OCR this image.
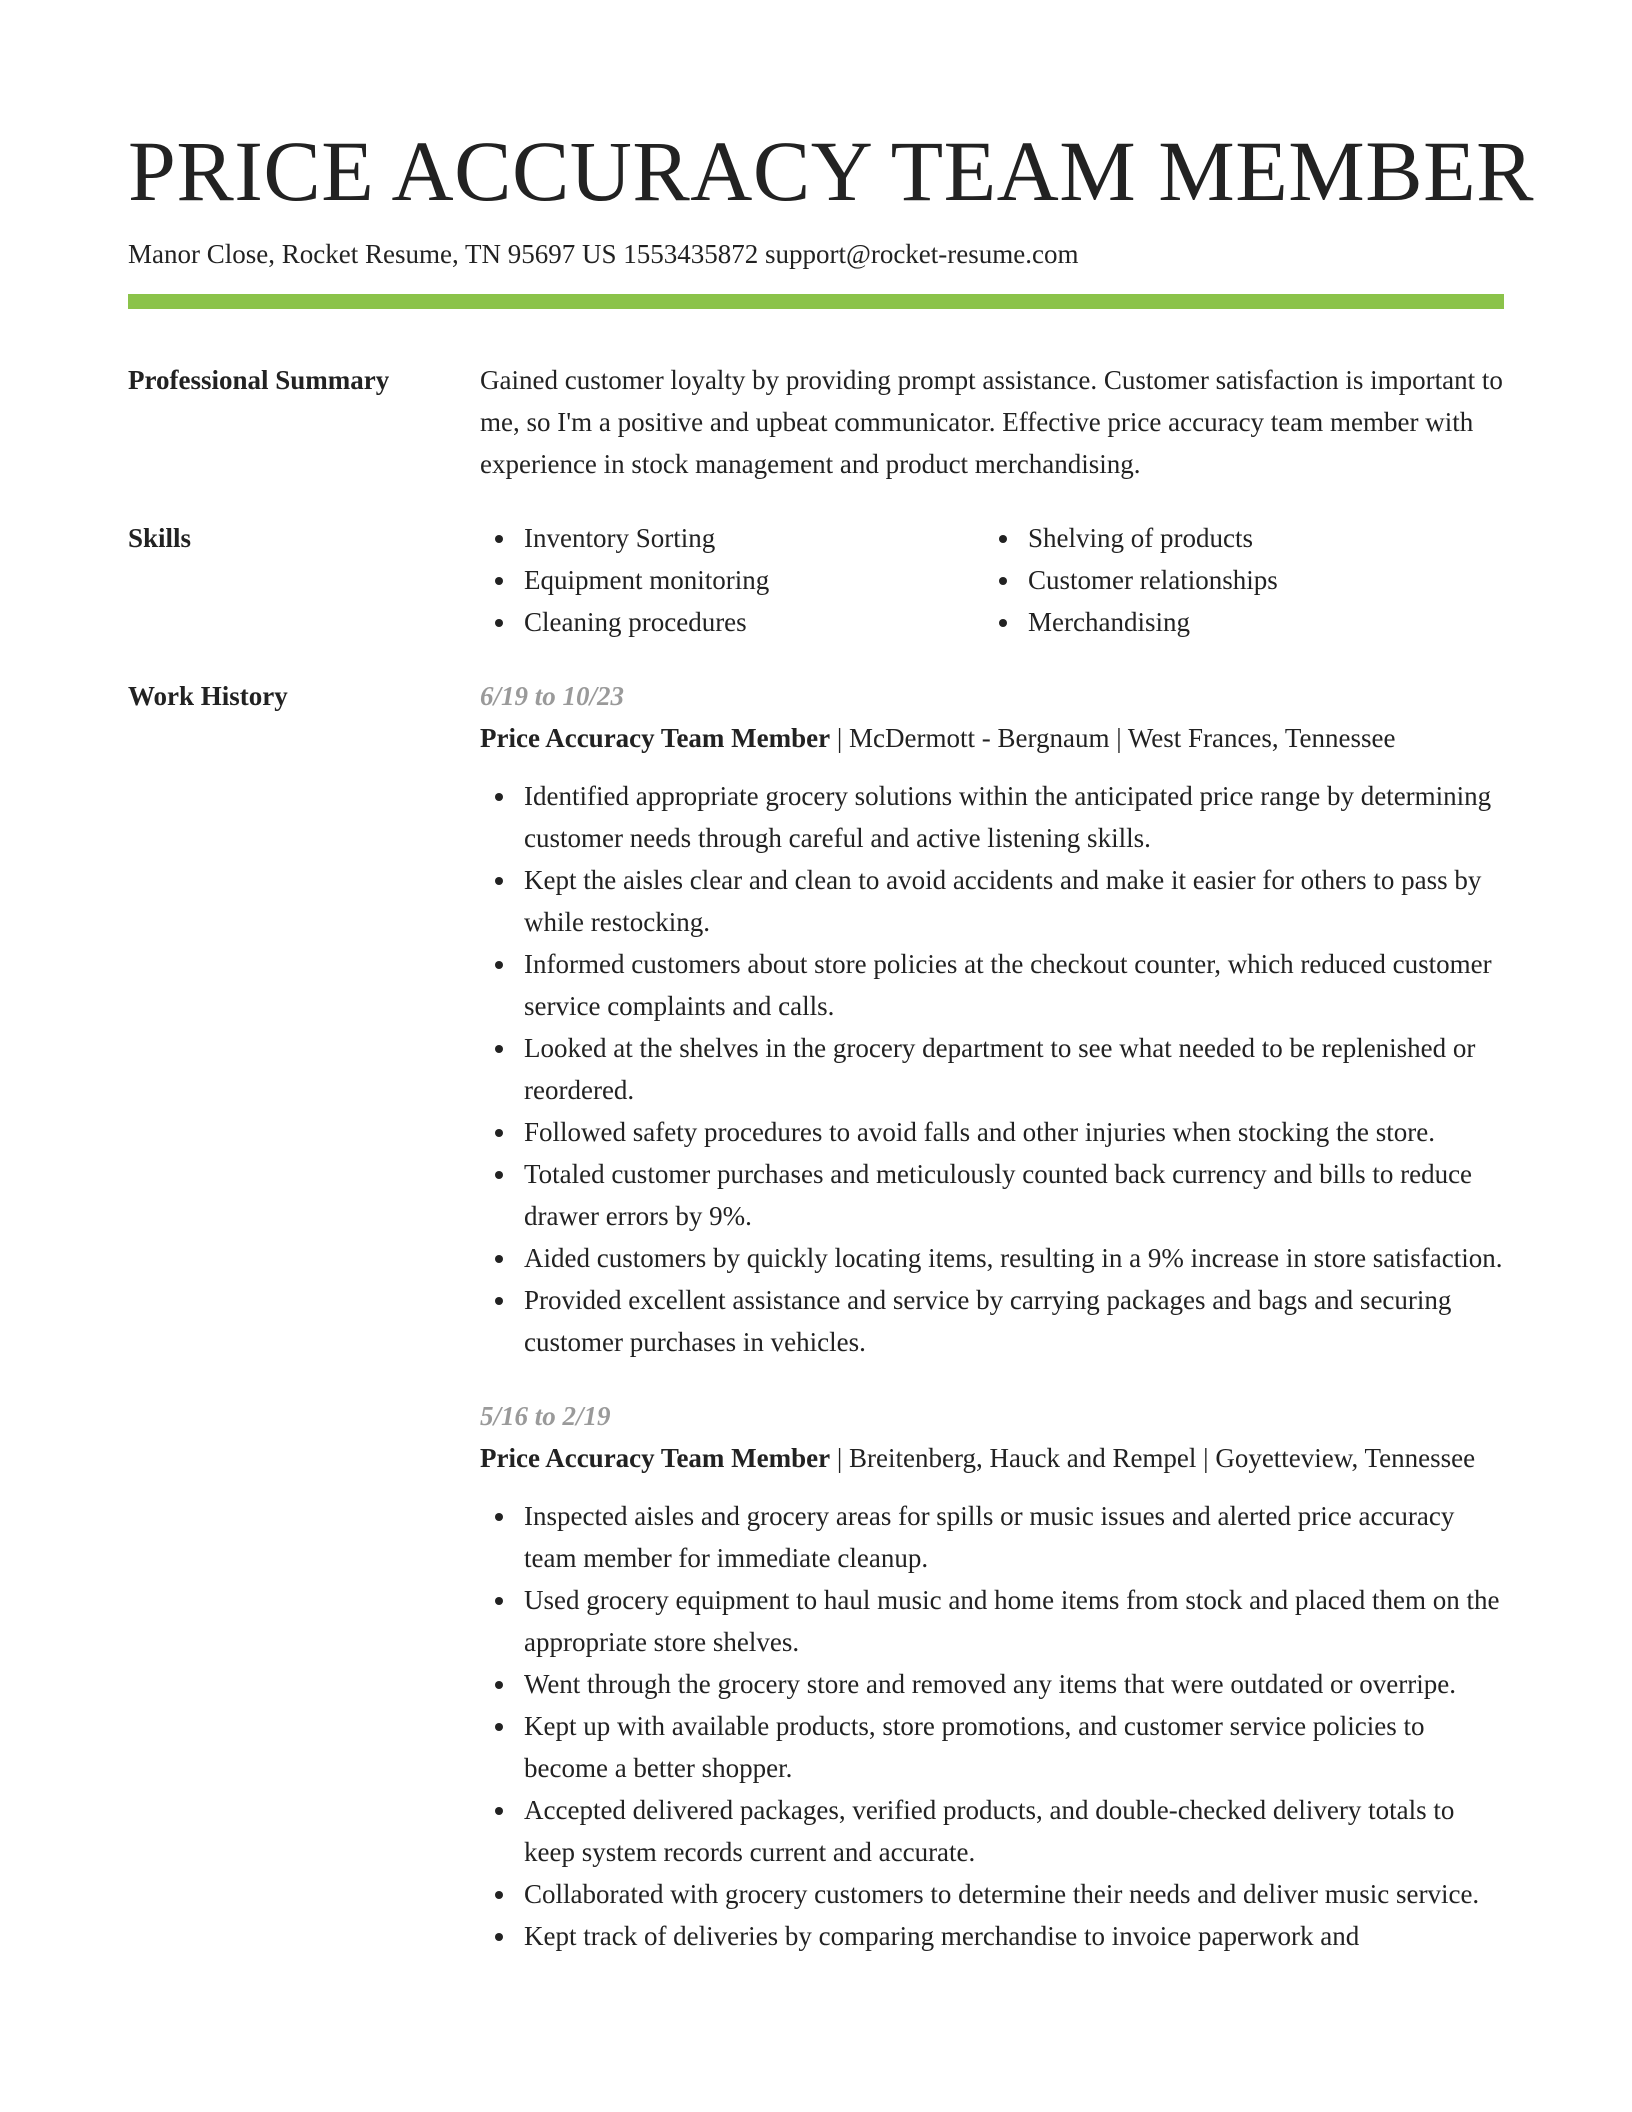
PRICE ACCURACY TEAM MEMBER
Manor Close, Rocket Resume, TN 95697 US 1553435872 support@rocket-resume.com
Professional Summary	Gained customer loyalty by providing prompt assistance. Customer satisfaction is important to me, so I'm a positive and upbeat communicator. Effective price accuracy team member with experience in stock management and product merchandising.
Skills	Inventory Sorting	Shelving of products
Equipment monitoring	Customer relationships
Cleaning procedures	Merchandising
Work History	6/19 to 10/23
Price Accuracy Team Member | McDermott - Bergnaum | West Frances, Tennessee
Identified appropriate grocery solutions within the anticipated price range by determining customer needs through careful and active listening skills.
Kept the aisles clear and clean to avoid accidents and make it easier for others to pass by while restocking.
Informed customers about store policies at the checkout counter, which reduced customer service complaints and calls.
Looked at the shelves in the grocery department to see what needed to be replenished or reordered.
Followed safety procedures to avoid falls and other injuries when stocking the store.
Totaled customer purchases and meticulously counted back currency and bills to reduce drawer errors by 9%.
Aided customers by quickly locating items, resulting in a 9% increase in store satisfaction.
Provided excellent assistance and service by carrying packages and bags and securing customer purchases in vehicles.
5/16 to 2/19
Price Accuracy Team Member | Breitenberg, Hauck and Rempel | Goyetteview, Tennessee
Inspected aisles and grocery areas for spills or music issues and alerted price accuracy team member for immediate cleanup.
Used grocery equipment to haul music and home items from stock and placed them on the appropriate store shelves.
Went through the grocery store and removed any items that were outdated or overripe.
Kept up with available products, store promotions, and customer service policies to become a better shopper.
Accepted delivered packages, verified products, and double-checked delivery totals to keep system records current and accurate.
Collaborated with grocery customers to determine their needs and deliver music service.
Kept track of deliveries by comparing merchandise to invoice paperwork and
